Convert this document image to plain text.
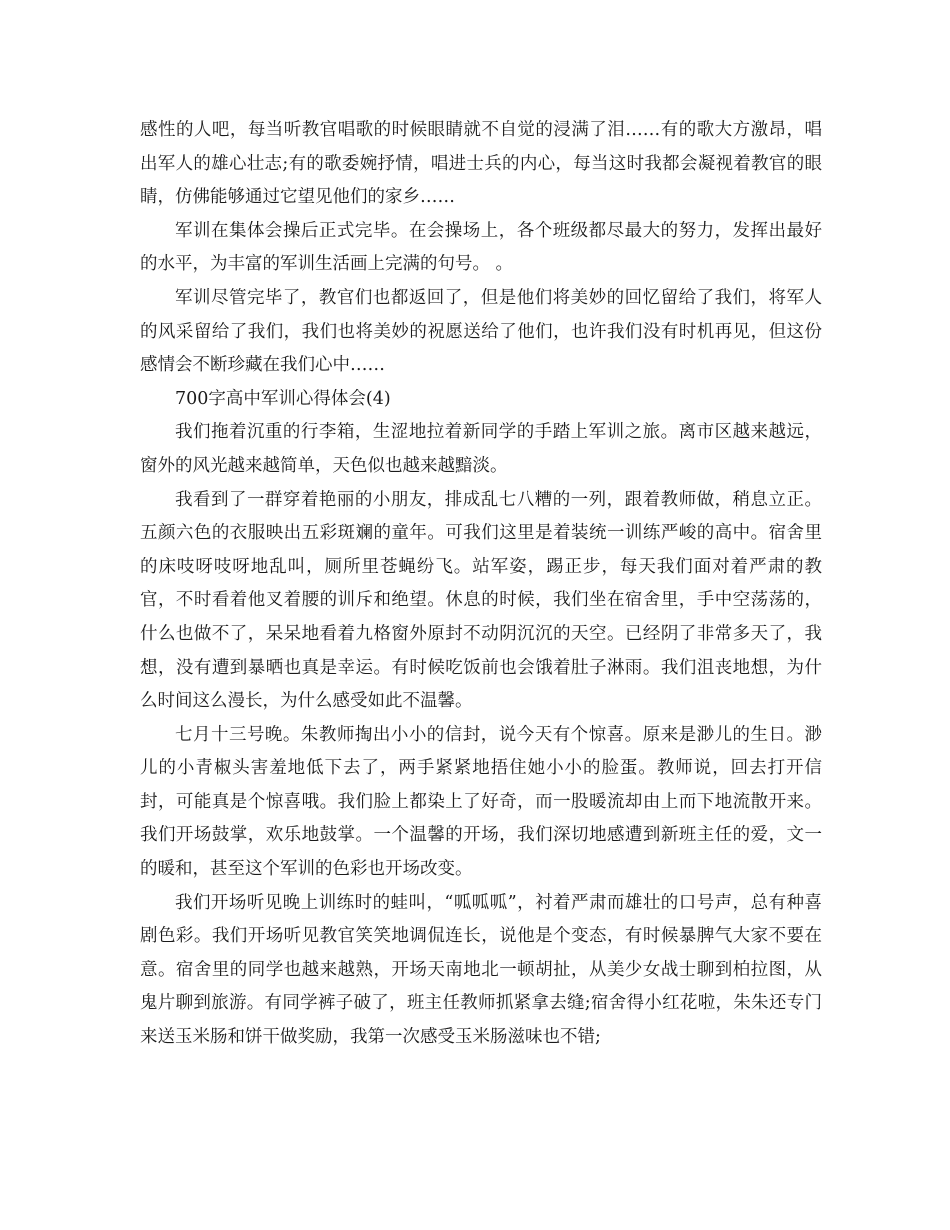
感性的人吧，每当听教官唱歌的时候眼睛就不自觉的浸满了泪……有的歌大方激昂，唱出军人的雄心壮志;有的歌委婉抒情，唱进士兵的内心，每当这时我都会凝视着教官的眼睛，仿佛能够通过它望见他们的家乡……

军训在集体会操后正式完毕。在会操场上，各个班级都尽最大的努力，发挥出最好的水平，为丰富的军训生活画上完满的句号。 。

军训尽管完毕了，教官们也都返回了，但是他们将美妙的回忆留给了我们，将军人的风采留给了我们，我们也将美妙的祝愿送给了他们，也许我们没有时机再见，但这份感情会不断珍藏在我们心中……

700字高中军训心得体会(4)

我们拖着沉重的行李箱，生涩地拉着新同学的手踏上军训之旅。离市区越来越远，窗外的风光越来越简单，天色似也越来越黯淡。

我看到了一群穿着艳丽的小朋友，排成乱七八糟的一列，跟着教师做，稍息立正。五颜六色的衣服映出五彩斑斓的童年。可我们这里是着装统一训练严峻的高中。宿舍里的床吱呀吱呀地乱叫，厕所里苍蝇纷飞。站军姿，踢正步，每天我们面对着严肃的教官，不时看着他叉着腰的训斥和绝望。休息的时候，我们坐在宿舍里，手中空荡荡的，什么也做不了，呆呆地看着九格窗外原封不动阴沉沉的天空。已经阴了非常多天了，我想，没有遭到暴晒也真是幸运。有时候吃饭前也会饿着肚子淋雨。我们沮丧地想，为什么时间这么漫长，为什么感受如此不温馨。

七月十三号晚。朱教师掏出小小的信封，说今天有个惊喜。原来是渺儿的生日。渺儿的小青椒头害羞地低下去了，两手紧紧地捂住她小小的脸蛋。教师说，回去打开信封，可能真是个惊喜哦。我们脸上都染上了好奇，而一股暖流却由上而下地流散开来。我们开场鼓掌，欢乐地鼓掌。一个温馨的开场，我们深切地感遭到新班主任的爱，文一的暖和，甚至这个军训的色彩也开场改变。

我们开场听见晚上训练时的蛙叫，“呱呱呱”，衬着严肃而雄壮的口号声，总有种喜剧色彩。我们开场听见教官笑笑地调侃连长，说他是个变态，有时候暴脾气大家不要在意。宿舍里的同学也越来越熟，开场天南地北一顿胡扯，从美少女战士聊到柏拉图，从鬼片聊到旅游。有同学裤子破了，班主任教师抓紧拿去缝;宿舍得小红花啦，朱朱还专门来送玉米肠和饼干做奖励，我第一次感受玉米肠滋味也不错;
